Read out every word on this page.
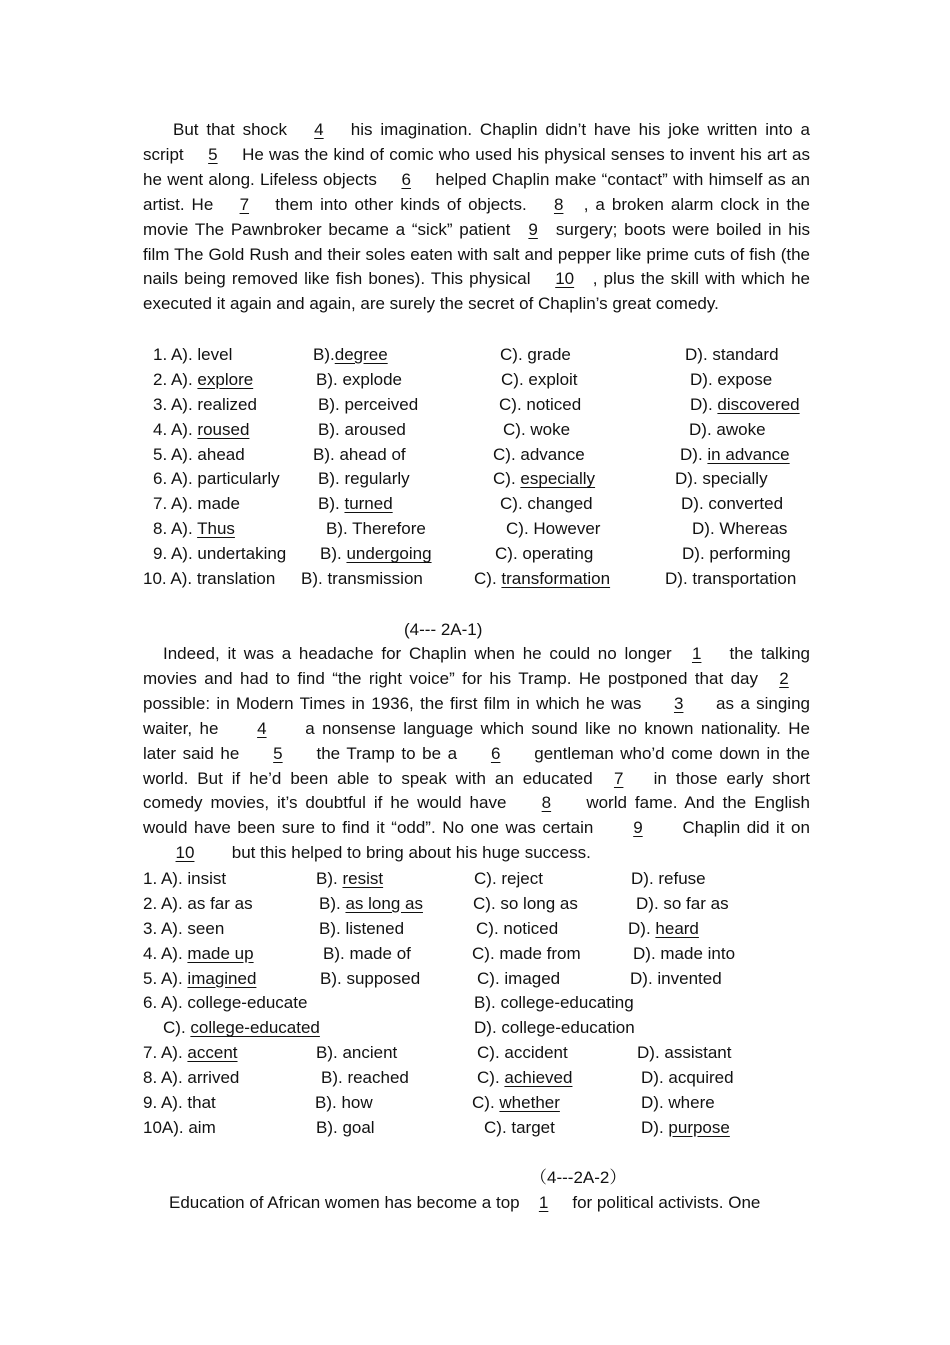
But that shock 4 his imagination. Chaplin didn’t have his joke written into a script 5 He was the kind of comic who used his physical senses to invent his art as he went along. Lifeless objects 6 helped Chaplin make “contact” with himself as an artist. He 7 them into other kinds of objects. 8 , a broken alarm clock in the movie The Pawnbroker became a “sick” patient 9 surgery; boots were boiled in his film The Gold Rush and their soles eaten with salt and pepper like prime cuts of fish (the nails being removed like fish bones). This physical 10 , plus the skill with which he executed it again and again, are surely the secret of Chaplin’s great comedy.

1. A). level	B).degree	C). grade	D). standard
2. A). explore	B). explode	C). exploit	D). expose
3. A). realized	B). perceived	C). noticed	D). discovered
4. A). roused	B). aroused	C). woke	D). awoke
5. A). ahead	B). ahead of	C). advance	D). in advance
6. A). particularly B). regularly	C). especially	D). specially
7. A). made	B). turned	C). changed	D). converted
8. A). Thus	B). Therefore	C). However	D). Whereas
9. A). undertaking B). undergoing	C). operating	D). performing
10. A). translation B). transmission	C). transformation	D). transportation
(4--- 2A-1)

Indeed, it was a headache for Chaplin when he could no longer 1 the talking movies and had to find “the right voice” for his Tramp. He postponed that day 2 possible: in Modern Times in 1936, the first film in which he was 3 as a singing waiter, he 4 a nonsense language which sound like no known nationality. He later said he 5 the Tramp to be a 6 gentleman who’d come down in the world. But if he’d been able to speak with an educated 7 in those early short comedy movies, it’s doubtful if he would have 8 world fame. And the English would have been sure to find it “odd”. No one was certain 9 Chaplin did it on10 but this helped to bring about his huge success.

1. A). insist	B). resist	C). reject	D). refuse
2. A). as far as	B). as long as	C). so long as	D). so far as
3. A). seen	B). listened	C). noticed	D). heard
4. A). made up	B). made of	C). made from	D). made into
5. A). imagined	B). supposed	C). imaged	D). invented
6. A). college-educate	B). college-educating
C). college-educated	D). college-education
7. A). accent	B). ancient	C). accident	D). assistant
8. A). arrived	B). reached	C). achieved	D). acquired
9. A). that	B). how	C). whether	D). where
10A). aim	B). goal	C). target	D). purpose
（4---2A-2）
Education of African women has become a top 1 for political activists. One
